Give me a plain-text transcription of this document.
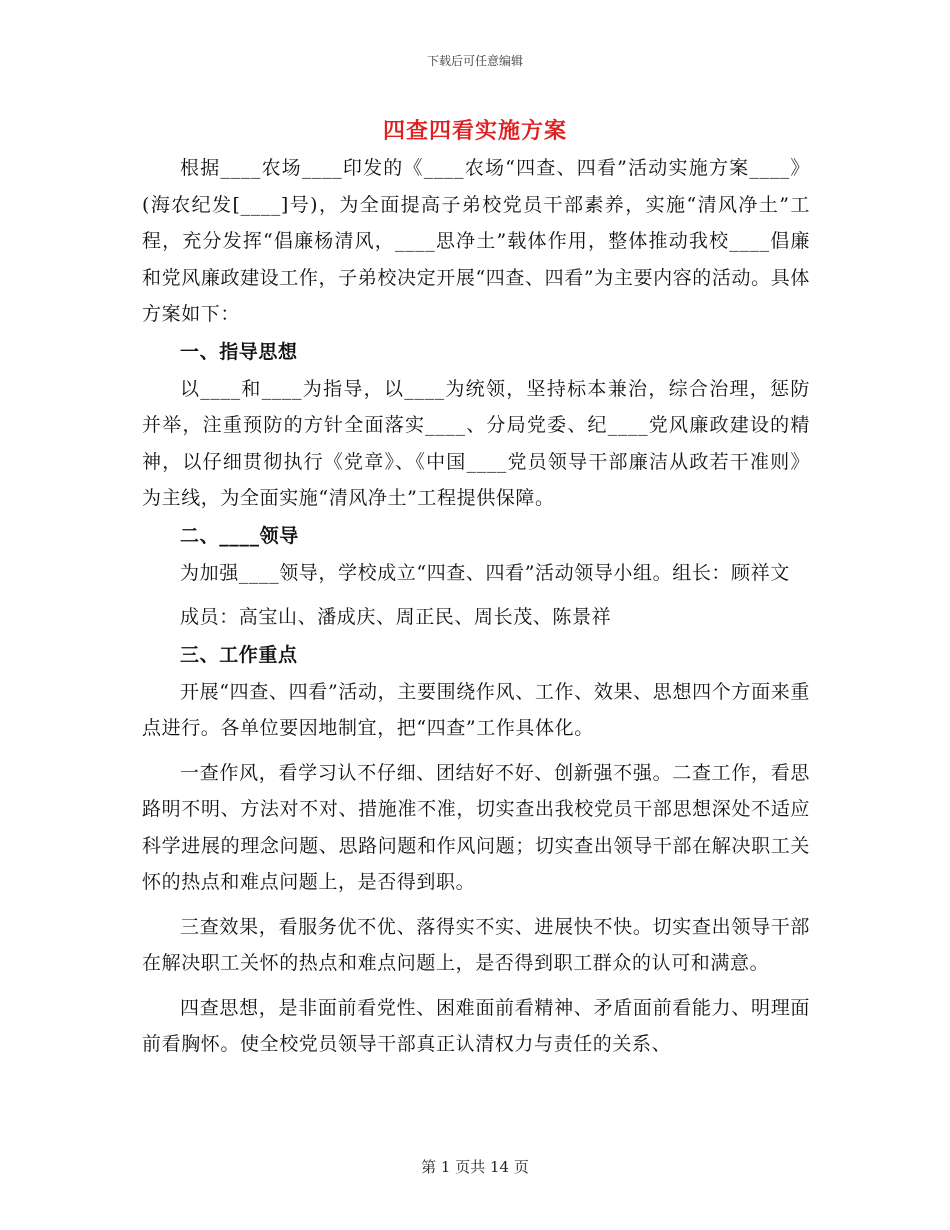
下载后可任意编辑
四查四看实施方案

根据____农场____印发的《____农场“四查、四看”活动实施方案____》(海农纪发[____]号)，为全面提高子弟校党员干部素养，实施“清风净土”工程，充分发挥“倡廉杨清风，____思净土”载体作用，整体推动我校____倡廉和党风廉政建设工作，子弟校决定开展“四查、四看”为主要内容的活动。具体方案如下：

一、指导思想

以____和____为指导，以____为统领，坚持标本兼治，综合治理，惩防并举，注重预防的方针全面落实____、分局党委、纪____党风廉政建设的精神，以仔细贯彻执行《党章》、《中国____党员领导干部廉洁从政若干准则》为主线，为全面实施“清风净土”工程提供保障。

二、____领导

为加强____领导，学校成立“四查、四看”活动领导小组。组长：顾祥文

成员：高宝山、潘成庆、周正民、周长茂、陈景祥

三、工作重点

开展“四查、四看”活动，主要围绕作风、工作、效果、思想四个方面来重点进行。各单位要因地制宜，把“四查”工作具体化。

一查作风，看学习认不仔细、团结好不好、创新强不强。二查工作，看思路明不明、方法对不对、措施准不准，切实查出我校党员干部思想深处不适应科学进展的理念问题、思路问题和作风问题；切实查出领导干部在解决职工关怀的热点和难点问题上，是否得到职。

三查效果，看服务优不优、落得实不实、进展快不快。切实查出领导干部在解决职工关怀的热点和难点问题上，是否得到职工群众的认可和满意。

四查思想，是非面前看党性、困难面前看精神、矛盾面前看能力、明理面前看胸怀。使全校党员领导干部真正认清权力与责任的关系、

第 1 页共 14 页
